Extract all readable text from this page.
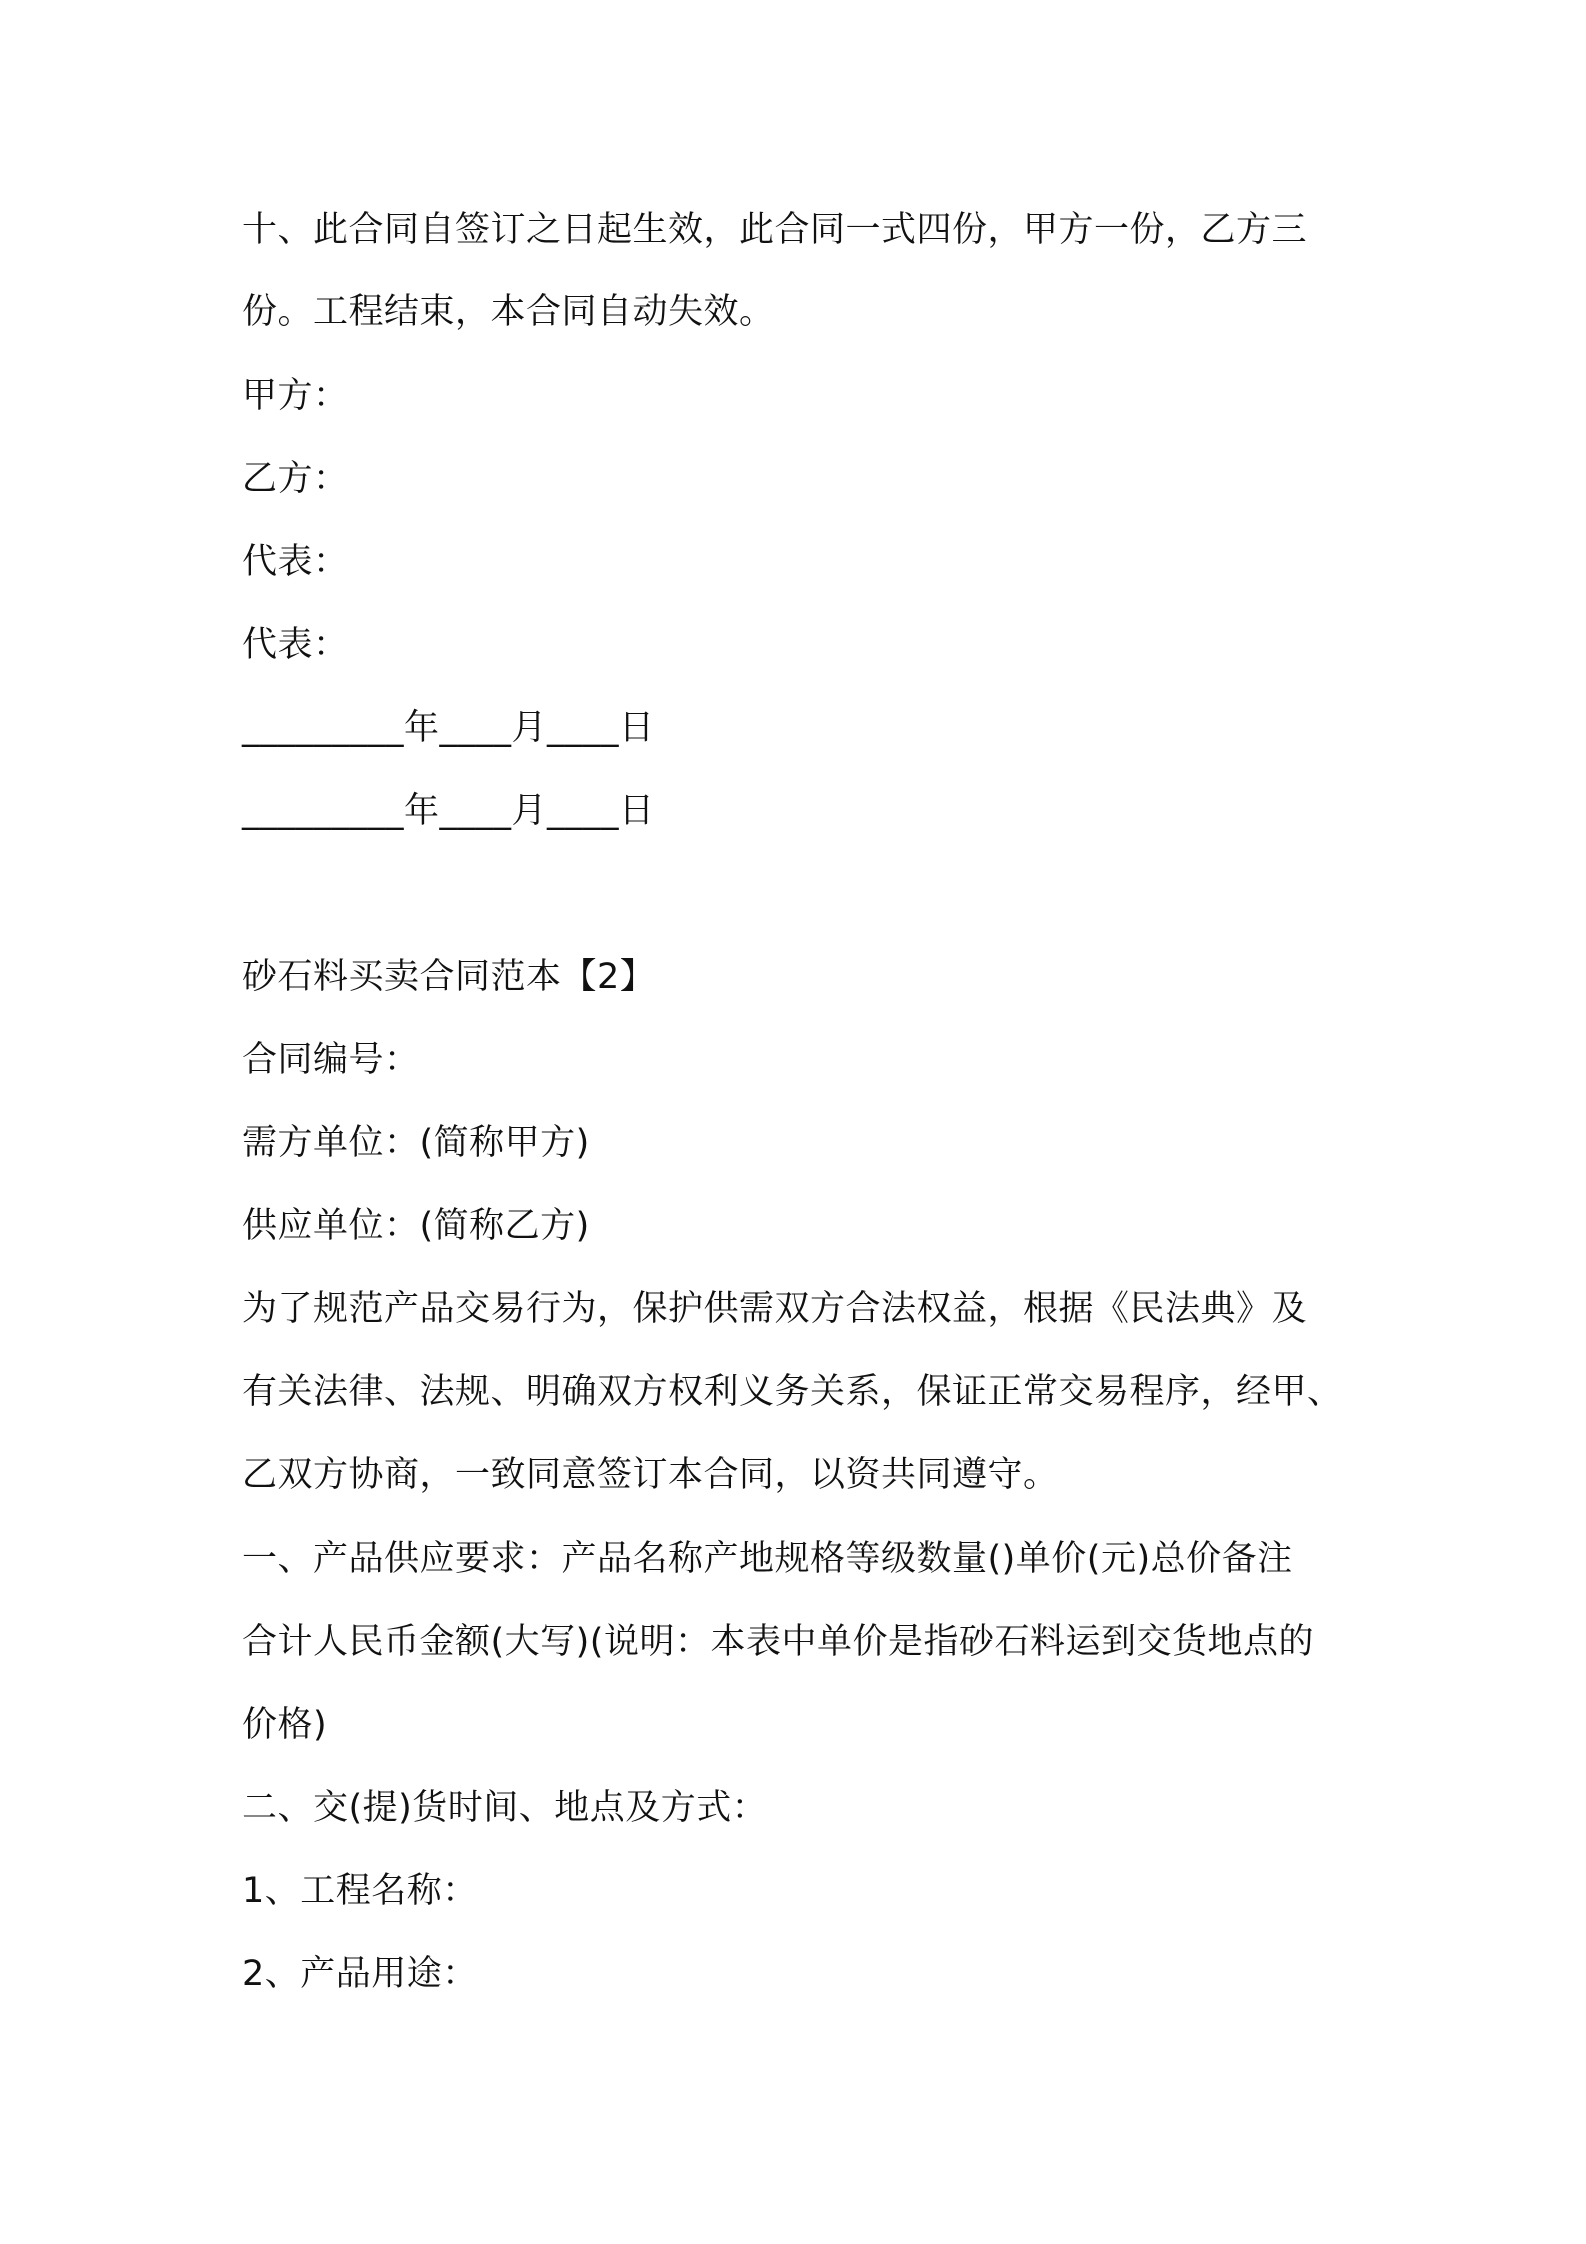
十、此合同自签订之日起生效，此合同一式四份，甲方一份，乙方三
份。工程结束，本合同自动失效。
甲方：
乙方：
代表：
代表：
_________年____月____日
_________年____月____日
砂石料买卖合同范本【2】
合同编号：
需方单位：(简称甲方)
供应单位：(简称乙方)
为了规范产品交易行为，保护供需双方合法权益，根据《民法典》及
有关法律、法规、明确双方权利义务关系，保证正常交易程序，经甲、
乙双方协商，一致同意签订本合同，以资共同遵守。
一、产品供应要求：产品名称产地规格等级数量()单价(元)总价备注
合计人民币金额(大写)(说明：本表中单价是指砂石料运到交货地点的
价格)
二、交(提)货时间、地点及方式：
1、工程名称：
2、产品用途：
